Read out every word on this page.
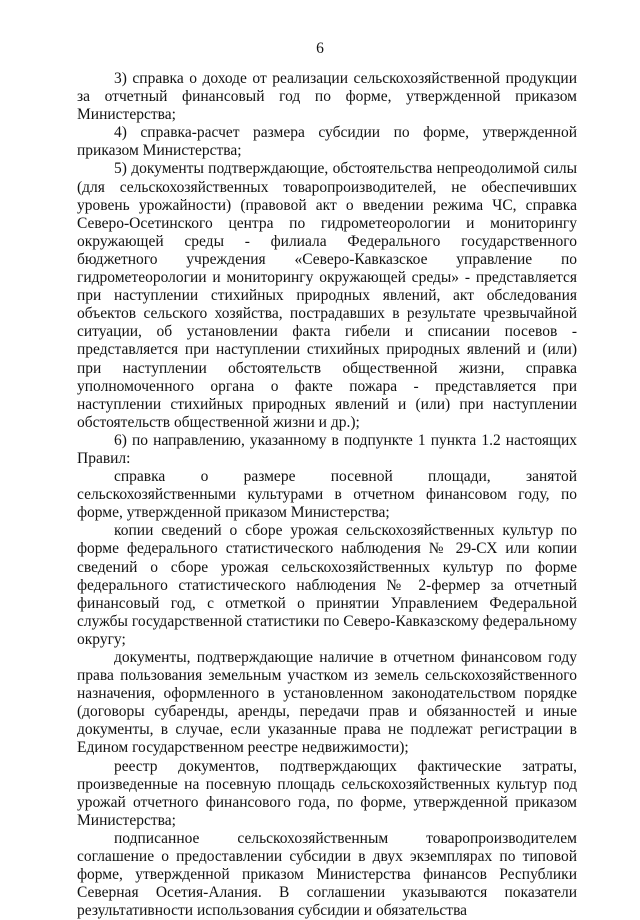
6

3) справка о доходе от реализации сельскохозяйственной продукции за отчетный финансовый год по форме, утвержденной приказом Министерства;

4) справка-расчет размера субсидии по форме, утвержденной приказом Министерства;

5) документы подтверждающие, обстоятельства непреодолимой силы (для сельскохозяйственных товаропроизводителей, не обеспечивших уровень урожайности) (правовой акт о введении режима ЧС, справка Северо-Осетинского центра по гидрометеорологии и мониторингу окружающей среды - филиала Федерального государственного бюджетного учреждения «Северо-Кавказское управление по гидрометеорологии и мониторингу окружающей среды» - представляется при наступлении стихийных природных явлений, акт обследования объектов сельского хозяйства, пострадавших в результате чрезвычайной ситуации, об установлении факта гибели и списании посевов - представляется при наступлении стихийных природных явлений и (или) при наступлении обстоятельств общественной жизни, справка уполномоченного органа о факте пожара - представляется при наступлении стихийных природных явлений и (или) при наступлении обстоятельств общественной жизни и др.);

6) по направлению, указанному в подпункте 1 пункта 1.2 настоящих Правил:

справка о размере посевной площади, занятой сельскохозяйственными культурами в отчетном финансовом году, по форме, утвержденной приказом Министерства;

копии сведений о сборе урожая сельскохозяйственных культур по форме федерального статистического наблюдения № 29-СХ или копии сведений о сборе урожая сельскохозяйственных культур по форме федерального статистического наблюдения № 2-фермер за отчетный финансовый год, с отметкой о принятии Управлением Федеральной службы государственной статистики по Северо-Кавказскому федеральному округу;

документы, подтверждающие наличие в отчетном финансовом году права пользования земельным участком из земель сельскохозяйственного назначения, оформленного в установленном законодательством порядке (договоры субаренды, аренды, передачи прав и обязанностей и иные документы, в случае, если указанные права не подлежат регистрации в Едином государственном реестре недвижимости);

реестр документов, подтверждающих фактические затраты, произведенные на посевную площадь сельскохозяйственных культур под урожай отчетного финансового года, по форме, утвержденной приказом Министерства;

подписанное сельскохозяйственным товаропроизводителем соглашение о предоставлении субсидии в двух экземплярах по типовой форме, утвержденной приказом Министерства финансов Республики Северная Осетия-Алания. В соглашении указываются показатели результативности использования субсидии и обязательства
